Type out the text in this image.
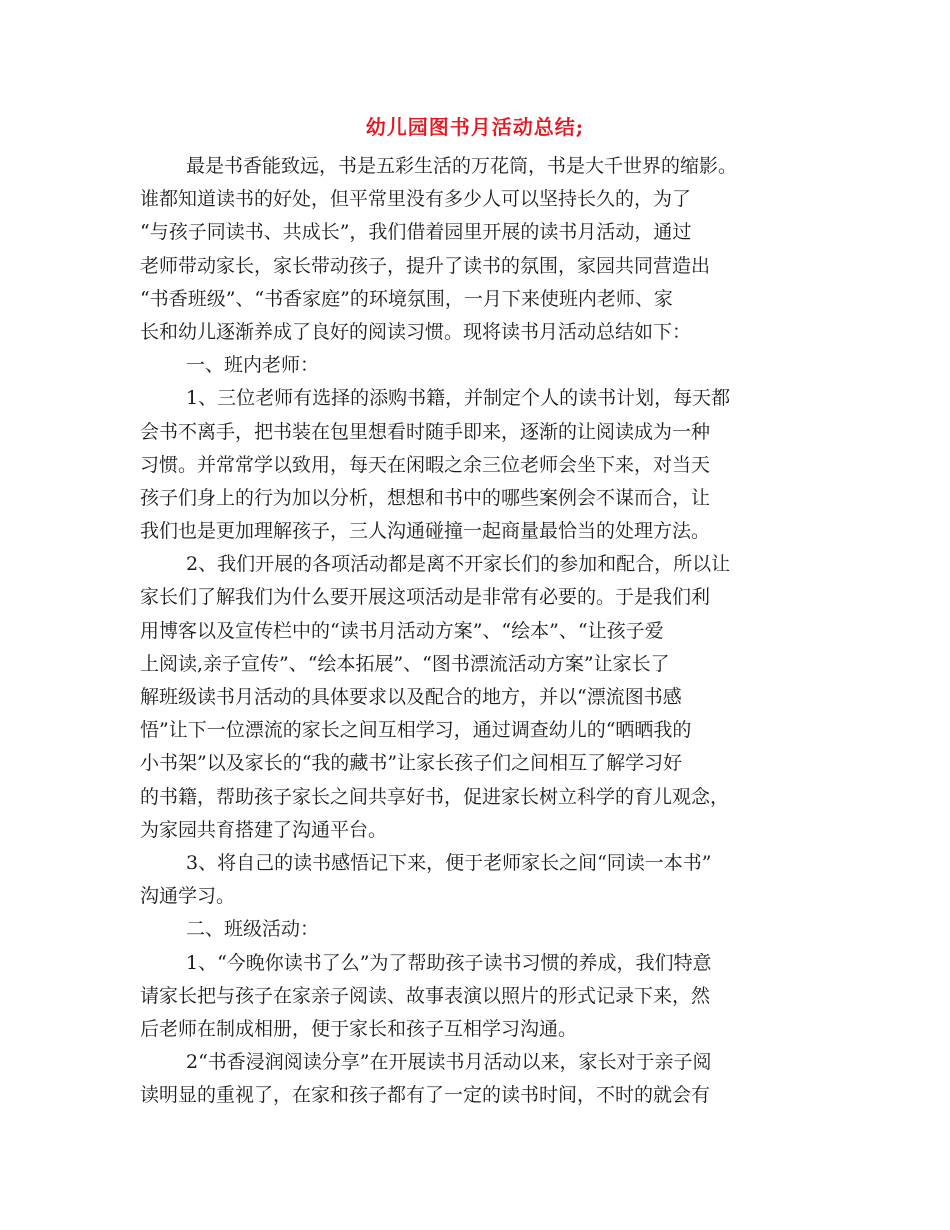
幼儿园图书月活动总结;
最是书香能致远，书是五彩生活的万花筒，书是大千世界的缩影。
谁都知道读书的好处，但平常里没有多少人可以坚持长久的，为了
“与孩子同读书、共成长”，我们借着园里开展的读书月活动，通过
老师带动家长，家长带动孩子，提升了读书的氛围，家园共同营造出
“书香班级”、“书香家庭”的环境氛围，一月下来使班内老师、家
长和幼儿逐渐养成了良好的阅读习惯。现将读书月活动总结如下：
一、班内老师：
1、三位老师有选择的添购书籍，并制定个人的读书计划，每天都
会书不离手，把书装在包里想看时随手即来，逐渐的让阅读成为一种
习惯。并常常学以致用，每天在闲暇之余三位老师会坐下来，对当天
孩子们身上的行为加以分析，想想和书中的哪些案例会不谋而合，让
我们也是更加理解孩子，三人沟通碰撞一起商量最恰当的处理方法。
2、我们开展的各项活动都是离不开家长们的参加和配合，所以让
家长们了解我们为什么要开展这项活动是非常有必要的。于是我们利
用博客以及宣传栏中的“读书月活动方案”、“绘本”、“让孩子爱
上阅读,亲子宣传”、“绘本拓展”、“图书漂流活动方案”让家长了
解班级读书月活动的具体要求以及配合的地方，并以“漂流图书感
悟”让下一位漂流的家长之间互相学习，通过调查幼儿的“晒晒我的
小书架”以及家长的“我的藏书”让家长孩子们之间相互了解学习好
的书籍，帮助孩子家长之间共享好书，促进家长树立科学的育儿观念，
为家园共育搭建了沟通平台。
3、将自己的读书感悟记下来，便于老师家长之间“同读一本书”
沟通学习。
二、班级活动：
1、“今晚你读书了么”为了帮助孩子读书习惯的养成，我们特意
请家长把与孩子在家亲子阅读、故事表演以照片的形式记录下来，然
后老师在制成相册，便于家长和孩子互相学习沟通。
2“书香浸润阅读分享”在开展读书月活动以来，家长对于亲子阅
读明显的重视了，在家和孩子都有了一定的读书时间，不时的就会有
